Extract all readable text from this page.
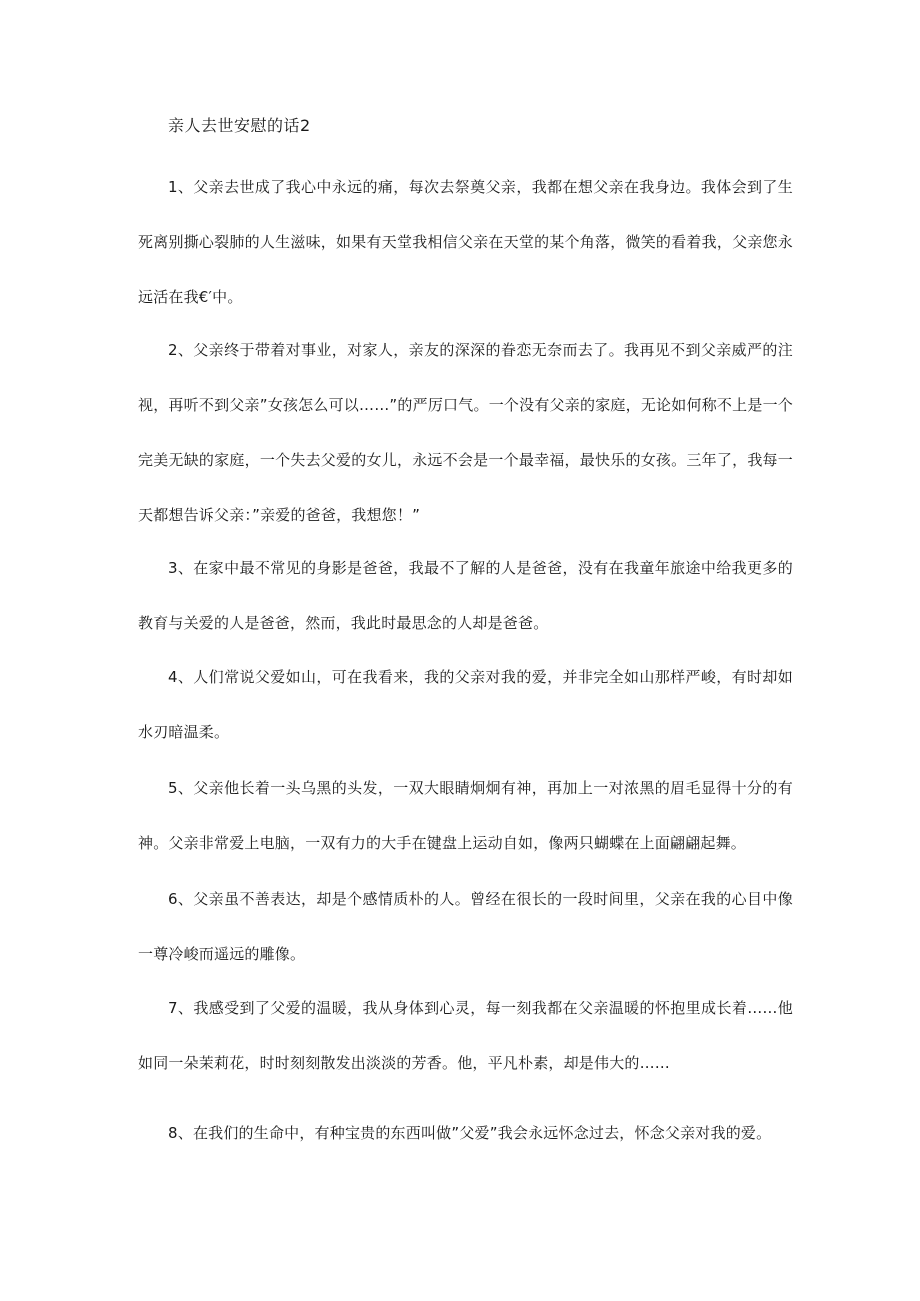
亲人去世安慰的话2

1、父亲去世成了我心中永远的痛，每次去祭奠父亲，我都在想父亲在我身边。我体会到了生死离别撕心裂肺的人生滋味，如果有天堂我相信父亲在天堂的某个角落，微笑的看着我，父亲您永远活在我€′中。

2、父亲终于带着对事业，对家人，亲友的深深的眷恋无奈而去了。我再见不到父亲威严的注视，再听不到父亲”女孩怎么可以……”的严厉口气。一个没有父亲的家庭，无论如何称不上是一个完美无缺的家庭，一个失去父爱的女儿，永远不会是一个最幸福，最快乐的女孩。三年了，我每一天都想告诉父亲：”亲爱的爸爸，我想您！”

3、在家中最不常见的身影是爸爸，我最不了解的人是爸爸，没有在我童年旅途中给我更多的教育与关爱的人是爸爸，然而，我此时最思念的人却是爸爸。

4、人们常说父爱如山，可在我看来，我的父亲对我的爱，并非完全如山那样严峻，有时却如水刃暗温柔。

5、父亲他长着一头乌黑的头发，一双大眼睛炯炯有神，再加上一对浓黑的眉毛显得十分的有神。父亲非常爱上电脑，一双有力的大手在键盘上运动自如，像两只蝴蝶在上面翩翩起舞。

6、父亲虽不善表达，却是个感情质朴的人。曾经在很长的一段时间里，父亲在我的心目中像一尊冷峻而遥远的雕像。

7、我感受到了父爱的温暖，我从身体到心灵，每一刻我都在父亲温暖的怀抱里成长着……他如同一朵茉莉花，时时刻刻散发出淡淡的芳香。他，平凡朴素，却是伟大的……

8、在我们的生命中，有种宝贵的东西叫做”父爱”我会永远怀念过去，怀念父亲对我的爱。
